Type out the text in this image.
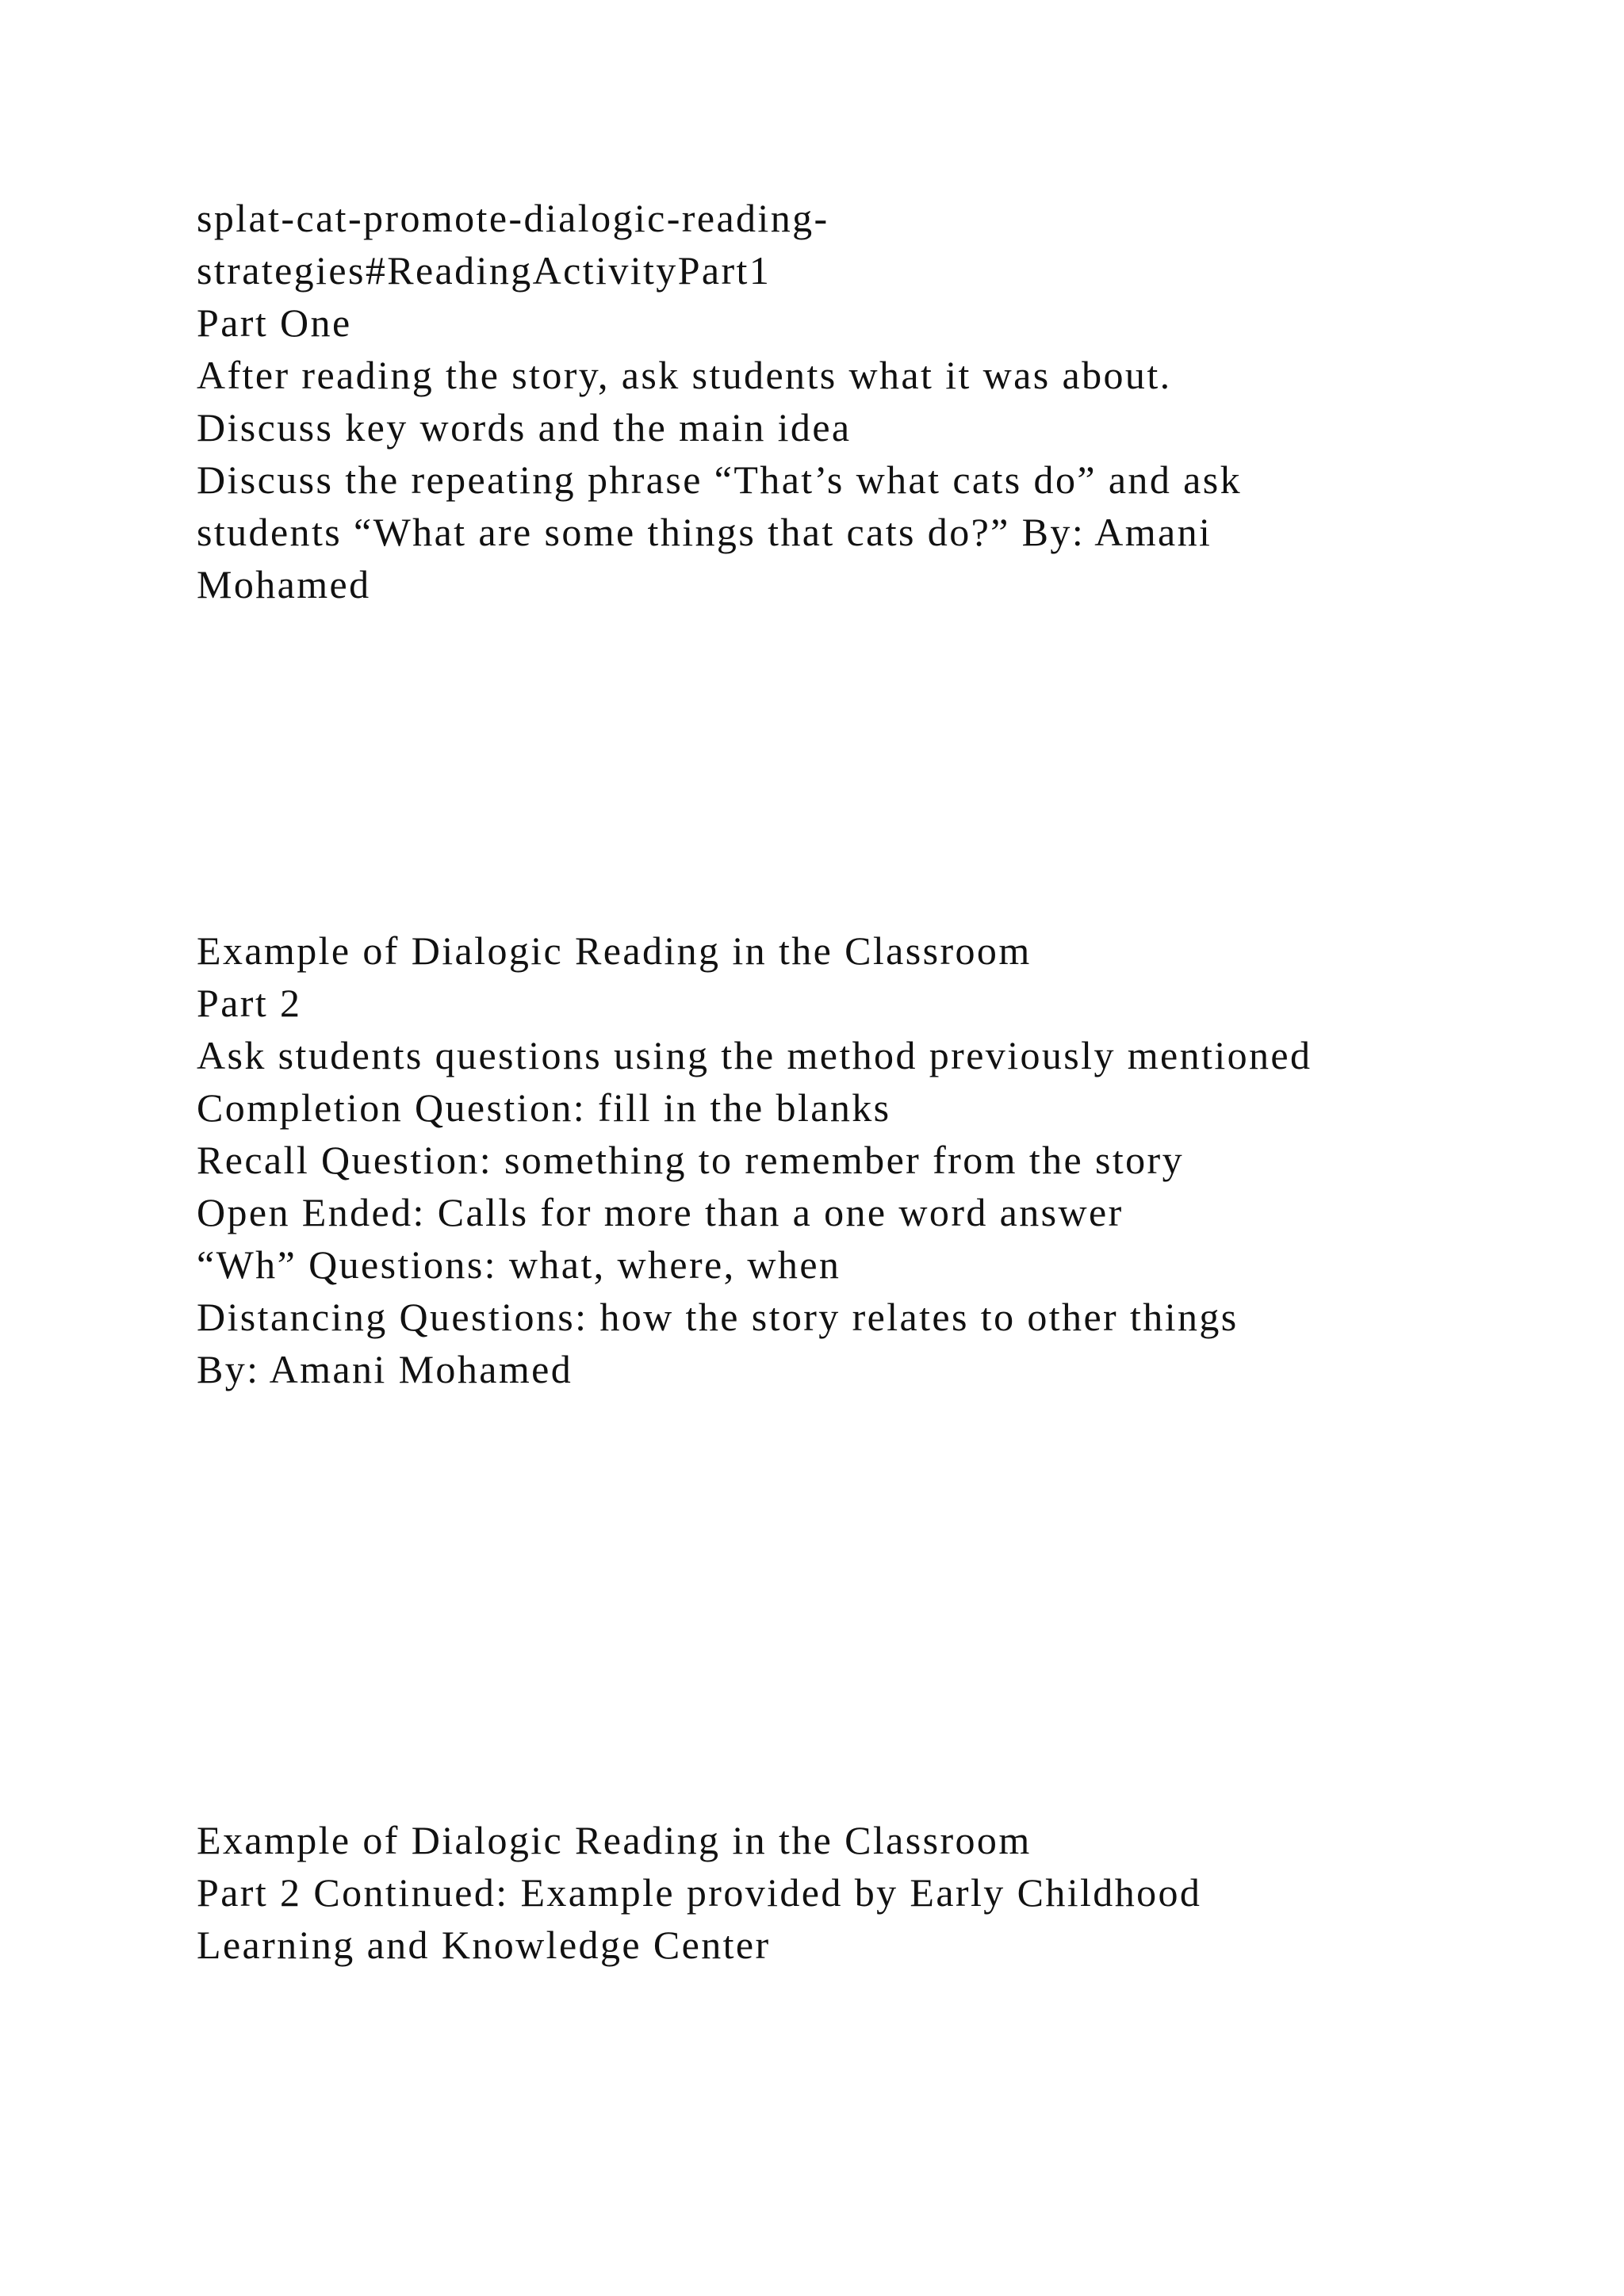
splat-cat-promote-dialogic-reading-

strategies#ReadingActivityPart1

Part One

After reading the story, ask students what it was about.

Discuss key words and the main idea

Discuss the repeating phrase “That’s what cats do” and ask

students “What are some things that cats do?” By: Amani

Mohamed

Example of Dialogic Reading in the Classroom

Part 2

Ask students questions using the method previously mentioned

Completion Question: fill in the blanks

Recall Question: something to remember from the story

Open Ended: Calls for more than a one word answer

“Wh” Questions: what, where, when

Distancing Questions: how the story relates to other things

By: Amani Mohamed

Example of Dialogic Reading in the Classroom

Part 2 Continued: Example provided by Early Childhood

Learning and Knowledge Center
